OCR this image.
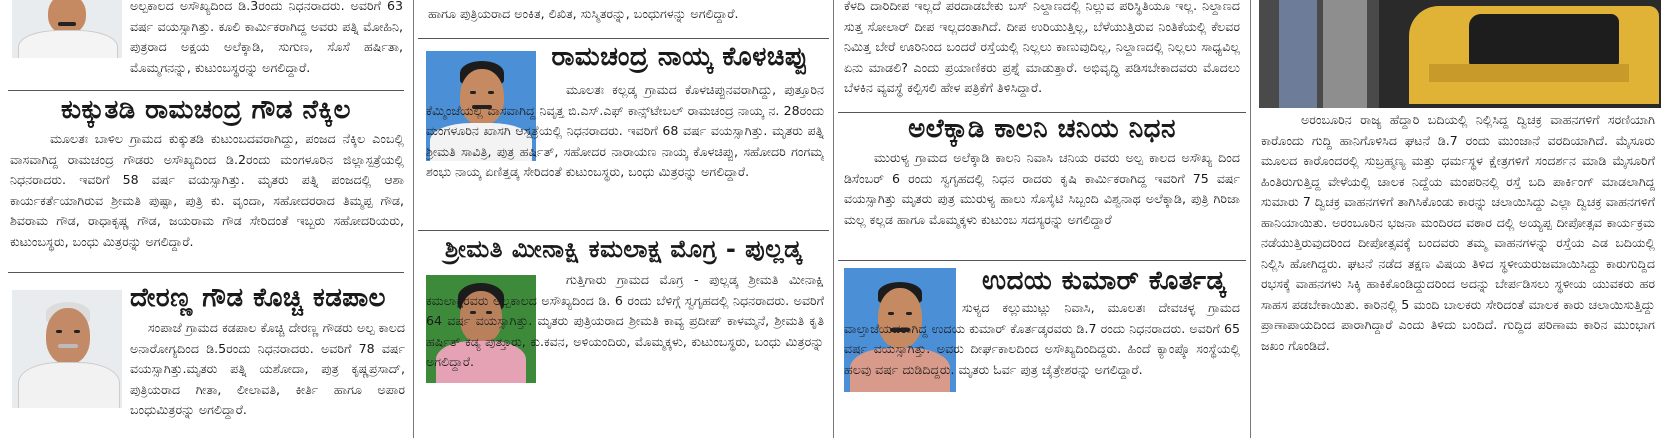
ಅಲ್ಪಕಾಲದ ಅಸೌಖ್ಯದಿಂದ ಡಿ.3ರಂದು ನಿಧನರಾದರು. ಅವರಿಗೆ 63 ವರ್ಷ ವಯಸ್ಸಾಗಿತ್ತು. ಕೂಲಿ ಕಾರ್ಮಿಕರಾಗಿದ್ದ ಅವರು ಪತ್ನಿ ಮೋಹಿನಿ, ಪುತ್ರರಾದ ಅಕ್ಷಯ ಅಲೆಕ್ಕಾಡಿ, ಸುಗುಣ, ಸೊಸೆ ಹರ್ಷಿತಾ, ಮೊಮ್ಮಗನನ್ನು, ಕುಟುಂಬಸ್ಥರನ್ನು ಅಗಲಿದ್ದಾರೆ.

ಕುಕ್ಕುತಡಿ ರಾಮಚಂದ್ರ ಗೌಡ ನೆಕ್ಕಿಲ

ಮೂಲತಃ ಬಾಳಿಲ ಗ್ರಾಮದ ಕುಕ್ಕುತಡಿ ಕುಟುಂಬದವರಾಗಿದ್ದು, ಪಂಜದ ನೆಕ್ಕಿಲ ಎಂಬಲ್ಲಿ ವಾಸವಾಗಿದ್ದ ರಾಮಚಂದ್ರ ಗೌಡರು ಅಸೌಖ್ಯದಿಂದ ಡಿ.2ರಂದು ಮಂಗಳೂರಿನ ಜಿಲ್ಲಾಸ್ಪತ್ರೆಯಲ್ಲಿ ನಿಧನರಾದರು. ಇವರಿಗೆ 58 ವರ್ಷ ವಯಸ್ಸಾಗಿತ್ತು. ಮೃತರು ಪತ್ನಿ ಪಂಜದಲ್ಲಿ ಆಶಾ ಕಾರ್ಯಕರ್ತೆಯಾಗಿರುವ ಶ್ರೀಮತಿ ಪುಷ್ಪಾ, ಪುತ್ರಿ ಕು. ವೃಂದಾ, ಸಹೋದರರಾದ ತಿಮ್ಮಪ್ಪ ಗೌಡ, ಶಿವರಾಮ ಗೌಡ, ರಾಧಾಕೃಷ್ಣ ಗೌಡ, ಜಯರಾಮ ಗೌಡ ಸೇರಿದಂತೆ ಇಬ್ಬರು ಸಹೋದರಿಯರು, ಕುಟುಂಬಸ್ಥರು, ಬಂಧು ಮಿತ್ರರನ್ನು ಅಗಲಿದ್ದಾರೆ.

ದೇರಣ್ಣ ಗೌಡ ಕೊಚ್ಚಿ ಕಡಪಾಲ

ಸಂಪಾಜೆ ಗ್ರಾಮದ ಕಡಪಾಲ ಕೊಚ್ಚಿ ದೇರಣ್ಣ ಗೌಡರು ಅಲ್ಪ ಕಾಲದ ಅನಾರೋಗ್ಯದಿಂದ ಡಿ.5ರಂದು ನಿಧನರಾದರು. ಅವರಿಗೆ 78 ವರ್ಷ ವಯಸ್ಸಾಗಿತ್ತು.ಮೃತರು ಪತ್ನಿ ಯಶೋದಾ, ಪುತ್ರ ಕೃಷ್ಣಪ್ರಸಾದ್, ಪುತ್ರಿಯರಾದ ಗೀತಾ, ಲೀಲಾವತಿ, ಕೀರ್ತಿ ಹಾಗೂ ಅಪಾರ ಬಂಧುಮಿತ್ರರನ್ನು ಅಗಲಿದ್ದಾರೆ.

ಹಾಗೂ ಪುತ್ರಿಯರಾದ ಅಂಕಿತ, ಲಿಖಿತ, ಸುಸ್ಮಿತರನ್ನು, ಬಂಧುಗಳನ್ನು ಅಗಲಿದ್ದಾರೆ.

ರಾಮಚಂದ್ರ ನಾಯ್ಕ ಕೊಳಚಿಪ್ಪು

ಮೂಲತಃ ಕಲ್ಲಡ್ಕ ಗ್ರಾಮದ ಕೊಳಚಿಪ್ಪುನವರಾಗಿದ್ದು, ಪುತ್ತೂರಿನ ಕೆಮ್ಮಿಂಜೆಯಲ್ಲಿ ವಾಸವಾಗಿದ್ದ ನಿವೃತ್ತ ಬಿ.ಎಸ್.ಎಫ್ ಕಾನ್ಸ್‌ಟೇಬಲ್ ರಾಮಚಂದ್ರ ನಾಯ್ಕ ನ. 28ರಂದು ಮಂಗಳೂರಿನ ಖಾಸಗಿ ಆಸ್ಪತ್ರೆಯಲ್ಲಿ ನಿಧನರಾದರು. ಇವರಿಗೆ 68 ವರ್ಷ ವಯಸ್ಸಾಗಿತ್ತು. ಮೃತರು ಪತ್ನಿ ಶ್ರೀಮತಿ ಸಾವಿತ್ರಿ, ಪುತ್ರ ಹರ್ಷಿತ್, ಸಹೋದರ ನಾರಾಯಣ ನಾಯ್ಕ ಕೊಳಚಿಪ್ಪು, ಸಹೋದರಿ ಗಂಗಮ್ಮ ಶಂಭು ನಾಯ್ಕ ಏಣಿತ್ತಡ್ಕ ಸೇರಿದಂತೆ ಕುಟುಂಬಸ್ಥರು, ಬಂಧು ಮಿತ್ರರನ್ನು ಅಗಲಿದ್ದಾರೆ.

ಶ್ರೀಮತಿ ಮೀನಾಕ್ಷಿ ಕಮಲಾಕ್ಷ ಮೊಗ್ರ - ಪುಲ್ಲಡ್ಕ

ಗುತ್ತಿಗಾರು ಗ್ರಾಮದ ಮೊಗ್ರ - ಪುಲ್ಲಡ್ಕ ಶ್ರೀಮತಿ ಮೀನಾಕ್ಷಿ ಕಮಲಾಕ್ಷರವರು ಅಲ್ಪಕಾಲದ ಅಸೌಖ್ಯದಿಂದ ಡಿ. 6 ರಂದು ಬೆಳಿಗ್ಗೆ ಸ್ವಗೃಹದಲ್ಲಿ ನಿಧನರಾದರು. ಅವರಿಗೆ 64 ವರ್ಷ ವಯಸ್ಸಾಗಿತ್ತು. ಮೃತರು ಪುತ್ರಿಯರಾದ ಶ್ರೀಮತಿ ಕಾವ್ಯ ಪ್ರದೀಪ್ ಕಾಳಮ್ಮನೆ, ಶ್ರೀಮತಿ ಕೃತಿ ಹರ್ಷಿತ್ ಕಡ್ಯ ಪುತ್ತೂರು, ಕು.ಕವನ, ಅಳಿಯಂದಿರು, ಮೊಮ್ಮಕ್ಕಳು, ಕುಟುಂಬಸ್ಥರು, ಬಂಧು ಮಿತ್ರರನ್ನು ಅಗಲಿದ್ದಾರೆ.

ಕೆಳದಿ ದಾರಿದೀಪ ಇಲ್ಲದೆ ಪರದಾಡಬೇಕು ಬಸ್ ನಿಲ್ದಾಣದಲ್ಲಿ ನಿಲ್ಲುವ ಪರಿಸ್ಥಿತಿಯೂ ಇಲ್ಲ. ನಿಲ್ದಾಣದ ಸುತ್ತ ಸೋಲಾರ್ ದೀಪ ಇಲ್ಲದಂತಾಗಿದೆ. ದೀಪ ಉರಿಯುತ್ತಿಲ್ಲ, ಬೆಳೆಯುತ್ತಿರುವ ನಿಂತಿಕೆಯಲ್ಲಿ ಕೆಲವರ ನಿಮಿತ್ತ ಬೇರೆ ಊರಿನಿಂದ ಬಂದರೆ ರಸ್ತೆಯಲ್ಲಿ ನಿಲ್ಲಲು ಕಾಣುವುದಿಲ್ಲ, ನಿಲ್ದಾಣದಲ್ಲಿ ನಿಲ್ಲಲು ಸಾಧ್ಯವಿಲ್ಲ ಏನು ಮಾಡಲಿ? ಎಂದು ಪ್ರಯಾಣಿಕರು ಪ್ರಶ್ನೆ ಮಾಡುತ್ತಾರೆ. ಅಭಿವೃದ್ಧಿ ಪಡಿಸಬೇಕಾದವರು ಮೊದಲು ಬೆಳಕಿನ ವ್ಯವಸ್ಥೆ ಕಲ್ಪಿಸಲಿ ಹೇಳ ಪತ್ರಿಕೆಗೆ ತಿಳಿಸಿದ್ದಾರೆ.

ಅಲೆಕ್ಕಾಡಿ ಕಾಲನಿ ಚನಿಯ ನಿಧನ

ಮುರುಳ್ಯ ಗ್ರಾಮದ ಅಲೆಕ್ಕಾಡಿ ಕಾಲನಿ ನಿವಾಸಿ ಚನಿಯ ರವರು ಅಲ್ಪ ಕಾಲದ ಅಸೌಖ್ಯ ದಿಂದ ಡಿಸೆಂಬರ್ 6 ರಂದು ಸ್ವಗೃಹದಲ್ಲಿ ನಿಧನ ರಾದರು ಕೃಷಿ ಕಾರ್ಮಿಕರಾಗಿದ್ದ ಇವರಿಗೆ 75 ವರ್ಷ ವಯಸ್ಸಾಗಿತ್ತು ಮೃತರು ಪುತ್ರ ಮುರುಳ್ಯ ಹಾಲು ಸೊಸೈಟಿ ಸಿಬ್ಬಂದಿ ವಿಶ್ವನಾಥ ಅಲೆಕ್ಕಾಡಿ, ಪುತ್ರಿ ಗಿರಿಜಾ ಮಲ್ಲ ಕಲ್ಲಡ ಹಾಗೂ ಮೊಮ್ಮಕ್ಕಳು ಕುಟುಂಬ ಸದಸ್ಯರನ್ನು ಅಗಲಿದ್ದಾರೆ

ಉದಯ ಕುಮಾರ್ ಕೊರ್ತಡ್ಕ

ಸುಳ್ಯದ ಕಲ್ಲುಮುಟ್ಲು ನಿವಾಸಿ, ಮೂಲತಃ ದೇವಚಳ್ಳ ಗ್ರಾಮದ ವಾಲ್ತಾಜೆಯವರಾಗಿದ್ದ ಉದಯ ಕುಮಾರ್ ಕೊರ್ತಡ್ಕರವರು ಡಿ.7 ರಂದು ನಿಧನರಾದರು. ಅವರಿಗೆ 65 ವರ್ಷ ವಯಸ್ಸಾಗಿತ್ತು. ಅವರು ದೀರ್ಘಕಾಲದಿಂದ ಅಸೌಖ್ಯದಿಂದಿದ್ದರು. ಹಿಂದೆ ಕ್ಯಾಂಪ್ಕೊ ಸಂಸ್ಥೆಯಲ್ಲಿ ಹಲವು ವರ್ಷ ದುಡಿದಿದ್ದರು. ಮೃತರು ಓರ್ವ ಪುತ್ರ ಚೈತ್ರೇಶರನ್ನು ಅಗಲಿದ್ದಾರೆ.

ಅರಂಬೂರಿನ ರಾಜ್ಯ ಹೆದ್ದಾರಿ ಬದಿಯಲ್ಲಿ ನಿಲ್ಲಿಸಿದ್ದ ದ್ವಿಚಕ್ರ ವಾಹನಗಳಿಗೆ ಸರಣಿಯಾಗಿ ಕಾರೊಂದು ಗುದ್ದಿ ಹಾನಿಗೊಳಿಸಿದ ಘಟನೆ ಡಿ.7 ರಂದು ಮುಂಜಾನೆ ವರದಿಯಾಗಿದೆ. ಮೈಸೂರು ಮೂಲದ ಕಾರೊಂದರಲ್ಲಿ ಸುಬ್ರಹ್ಮಣ್ಯ ಮತ್ತು ಧರ್ಮಸ್ಥಳ ಕ್ಷೇತ್ರಗಳಿಗೆ ಸಂದರ್ಶನ ಮಾಡಿ ಮೈಸೂರಿಗೆ ಹಿಂತಿರುಗುತ್ತಿದ್ದ ವೇಳೆಯಲ್ಲಿ ಚಾಲಕ ನಿದ್ದೆಯ ಮಂಪರಿನಲ್ಲಿ ರಸ್ತೆ ಬದಿ ಪಾರ್ಕಿಂಗ್ ಮಾಡಲಾಗಿದ್ದ ಸುಮಾರು 7 ದ್ವಿಚಕ್ರ ವಾಹನಗಳಿಗೆ ತಾಗಿಸಿಕೊಂಡು ಕಾರನ್ನು ಚಲಾಯಿಸಿದ್ದು ಎಲ್ಲಾ ದ್ವಿಚಕ್ರ ವಾಹನಗಳಿಗೆ ಹಾನಿಯಾಯಿತು. ಅರಂಬೂರಿನ ಭಜನಾ ಮಂದಿರದ ವಠಾರ ದಲ್ಲಿ ಅಯ್ಯಪ್ಪ ದೀಪೋತ್ಸವ ಕಾರ್ಯಕ್ರಮ ನಡೆಯುತ್ತಿರುವುದರಿಂದ ದೀಪೋತ್ಸವಕ್ಕೆ ಬಂದವರು ತಮ್ಮ ವಾಹನಗಳನ್ನು ರಸ್ತೆಯ ಎಡ ಬದಿಯಲ್ಲಿ ನಿಲ್ಲಿಸಿ ಹೋಗಿದ್ದರು. ಘಟನೆ ನಡೆದ ತಕ್ಷಣ ವಿಷಯ ತಿಳಿದ ಸ್ಥಳೀಯರುಜಮಾಯಿಸಿದ್ದು ಕಾರುಗುದ್ದಿದ ರಭಸಕ್ಕೆ ವಾಹನಗಳು ಸಿಕ್ಕಿ ಹಾಕಿಕೊಂಡಿದ್ದುದರಿಂದ ಅದನ್ನು ಬೇರ್ಪಡಿಸಲು ಸ್ಥಳೀಯ ಯುವಕರು ಹರ ಸಾಹಸ ಪಡಬೇಕಾಯಿತು. ಕಾರಿನಲ್ಲಿ 5 ಮಂದಿ ಬಾಲಕರು ಸೇರಿದಂತೆ ಮಾಲಕ ಕಾರು ಚಲಾಯಿಸುತ್ತಿದ್ದು ಪ್ರಾಣಾಪಾಯದಿಂದ ಪಾರಾಗಿದ್ದಾರೆ ಎಂದು ತಿಳಿದು ಬಂದಿದೆ. ಗುದ್ದಿದ ಪರಿಣಾಮ ಕಾರಿನ ಮುಂಭಾಗ ಜಖಂ ಗೊಂಡಿದೆ.
